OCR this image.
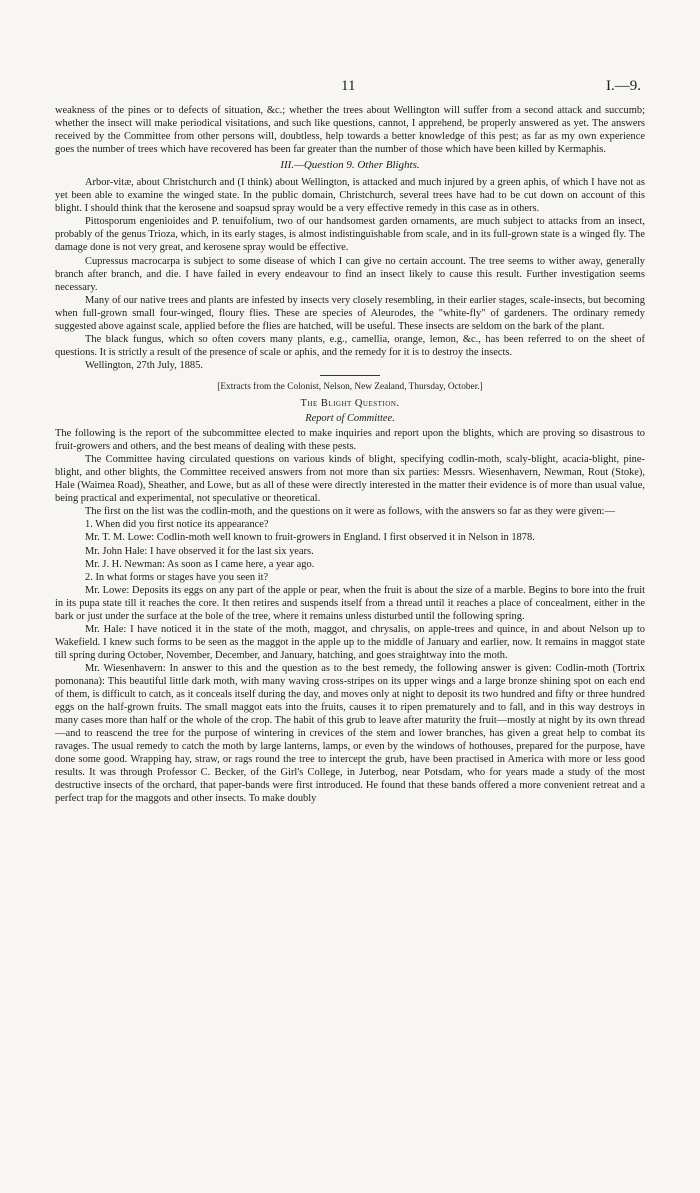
11	I.—9.

weakness of the pines or to defects of situation, &c.; whether the trees about Wellington will suffer from a second attack and succumb; whether the insect will make periodical visitations, and such like questions, cannot, I apprehend, be properly answered as yet. The answers received by the Committee from other persons will, doubtless, help towards a better knowledge of this pest; as far as my own experience goes the number of trees which have recovered has been far greater than the number of those which have been killed by Kermaphis.

III.—Question 9. Other Blights.

Arbor-vitæ, about Christchurch and (I think) about Wellington, is attacked and much injured by a green aphis, of which I have not as yet been able to examine the winged state. In the public domain, Christchurch, several trees have had to be cut down on account of this blight. I should think that the kerosene and soapsud spray would be a very effective remedy in this case as in others.

Pittosporum engenioides and P. tenuifolium, two of our handsomest garden ornaments, are much subject to attacks from an insect, probably of the genus Trioza, which, in its early stages, is almost indistinguishable from scale, and in its full-grown state is a winged fly. The damage done is not very great, and kerosene spray would be effective.

Cupressus macrocarpa is subject to some disease of which I can give no certain account. The tree seems to wither away, generally branch after branch, and die. I have failed in every endeavour to find an insect likely to cause this result. Further investigation seems necessary.

Many of our native trees and plants are infested by insects very closely resembling, in their earlier stages, scale-insects, but becoming when full-grown small four-winged, floury flies. These are species of Aleurodes, the "white-fly" of gardeners. The ordinary remedy suggested above against scale, applied before the flies are hatched, will be useful. These insects are seldom on the bark of the plant.

The black fungus, which so often covers many plants, e.g., camellia, orange, lemon, &c., has been referred to on the sheet of questions. It is strictly a result of the presence of scale or aphis, and the remedy for it is to destroy the insects.

Wellington, 27th July, 1885.

[Extracts from the Colonist, Nelson, New Zealand, Thursday, October.]

The Blight Question.

Report of Committee.

The following is the report of the subcommittee elected to make inquiries and report upon the blights, which are proving so disastrous to fruit-growers and others, and the best means of dealing with these pests.

The Committee having circulated questions on various kinds of blight, specifying codlin-moth, scaly-blight, acacia-blight, pine-blight, and other blights, the Committee received answers from not more than six parties: Messrs. Wiesenhavern, Newman, Rout (Stoke), Hale (Waimea Road), Sheather, and Lowe, but as all of these were directly interested in the matter their evidence is of more than usual value, being practical and experimental, not speculative or theoretical.

The first on the list was the codlin-moth, and the questions on it were as follows, with the answers so far as they were given:—

1. When did you first notice its appearance?

Mr. T. M. Lowe: Codlin-moth well known to fruit-growers in England. I first observed it in Nelson in 1878.

Mr. John Hale: I have observed it for the last six years.

Mr. J. H. Newman: As soon as I came here, a year ago.

2. In what forms or stages have you seen it?

Mr. Lowe: Deposits its eggs on any part of the apple or pear, when the fruit is about the size of a marble. Begins to bore into the fruit in its pupa state till it reaches the core. It then retires and suspends itself from a thread until it reaches a place of concealment, either in the bark or just under the surface at the bole of the tree, where it remains unless disturbed until the following spring.

Mr. Hale: I have noticed it in the state of the moth, maggot, and chrysalis, on apple-trees and quince, in and about Nelson up to Wakefield. I knew such forms to be seen as the maggot in the apple up to the middle of January and earlier, now. It remains in maggot state till spring during October, November, December, and January, hatching, and goes straightway into the moth.

Mr. Wiesenhavern: In answer to this and the question as to the best remedy, the following answer is given: Codlin-moth (Tortrix pomonana): This beautiful little dark moth, with many waving cross-stripes on its upper wings and a large bronze shining spot on each end of them, is difficult to catch, as it conceals itself during the day, and moves only at night to deposit its two hundred and fifty or three hundred eggs on the half-grown fruits. The small maggot eats into the fruits, causes it to ripen prematurely and to fall, and in this way destroys in many cases more than half or the whole of the crop. The habit of this grub to leave after maturity the fruit—mostly at night by its own thread—and to reascend the tree for the purpose of wintering in crevices of the stem and lower branches, has given a great help to combat its ravages. The usual remedy to catch the moth by large lanterns, lamps, or even by the windows of hothouses, prepared for the purpose, have done some good. Wrapping hay, straw, or rags round the tree to intercept the grub, have been practised in America with more or less good results. It was through Professor C. Becker, of the Girl's College, in Juterbog, near Potsdam, who for years made a study of the most destructive insects of the orchard, that paper-bands were first introduced. He found that these bands offered a more convenient retreat and a perfect trap for the maggots and other insects. To make doubly
